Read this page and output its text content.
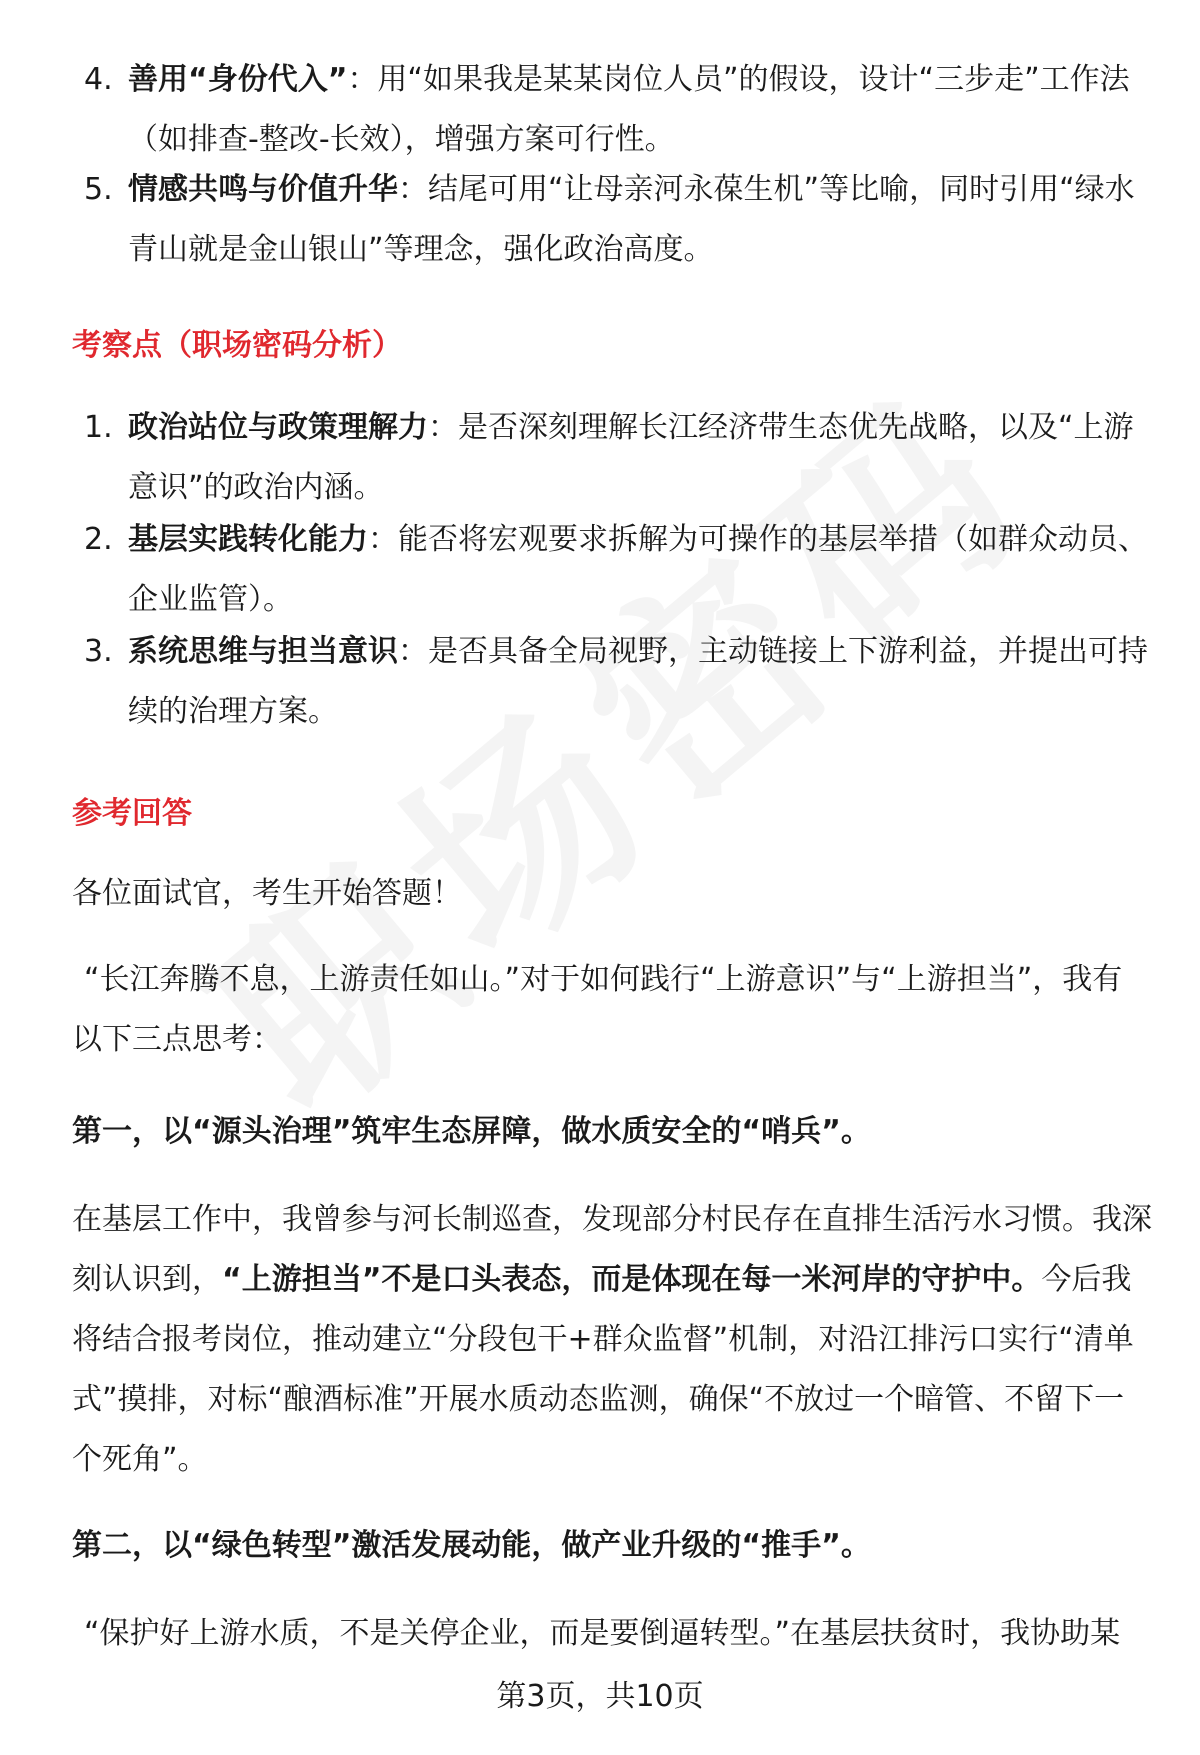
4. 善用“身份代入”：用“如果我是某某岗位人员”的假设，设计“三步走”工作法（如排查-整改-长效），增强方案可行性。
5. 情感共鸣与价值升华：结尾可用“让母亲河永葆生机”等比喻，同时引用“绿水青山就是金山银山”等理念，强化政治高度。
考察点（职场密码分析）
1. 政治站位与政策理解力：是否深刻理解长江经济带生态优先战略，以及“上游意识”的政治内涵。
2. 基层实践转化能力：能否将宏观要求拆解为可操作的基层举措（如群众动员、企业监管）。
3. 系统思维与担当意识：是否具备全局视野，主动链接上下游利益，并提出可持续的治理方案。
参考回答
各位面试官，考生开始答题！
“长江奔腾不息，上游责任如山。”对于如何践行“上游意识”与“上游担当”，我有以下三点思考：
第一，以“源头治理”筑牢生态屏障，做水质安全的“哨兵”。
在基层工作中，我曾参与河长制巡查，发现部分村民存在直排生活污水习惯。我深刻认识到，“上游担当”不是口头表态，而是体现在每一米河岸的守护中。今后我将结合报考岗位，推动建立“分段包干+群众监督”机制，对沿江排污口实行“清单式”摸排，对标“酿酒标准”开展水质动态监测，确保“不放过一个暗管、不留下一个死角”。
第二，以“绿色转型”激活发展动能，做产业升级的“推手”。
“保护好上游水质，不是关停企业，而是要倒逼转型。”在基层扶贫时，我协助某
第3页，共10页
